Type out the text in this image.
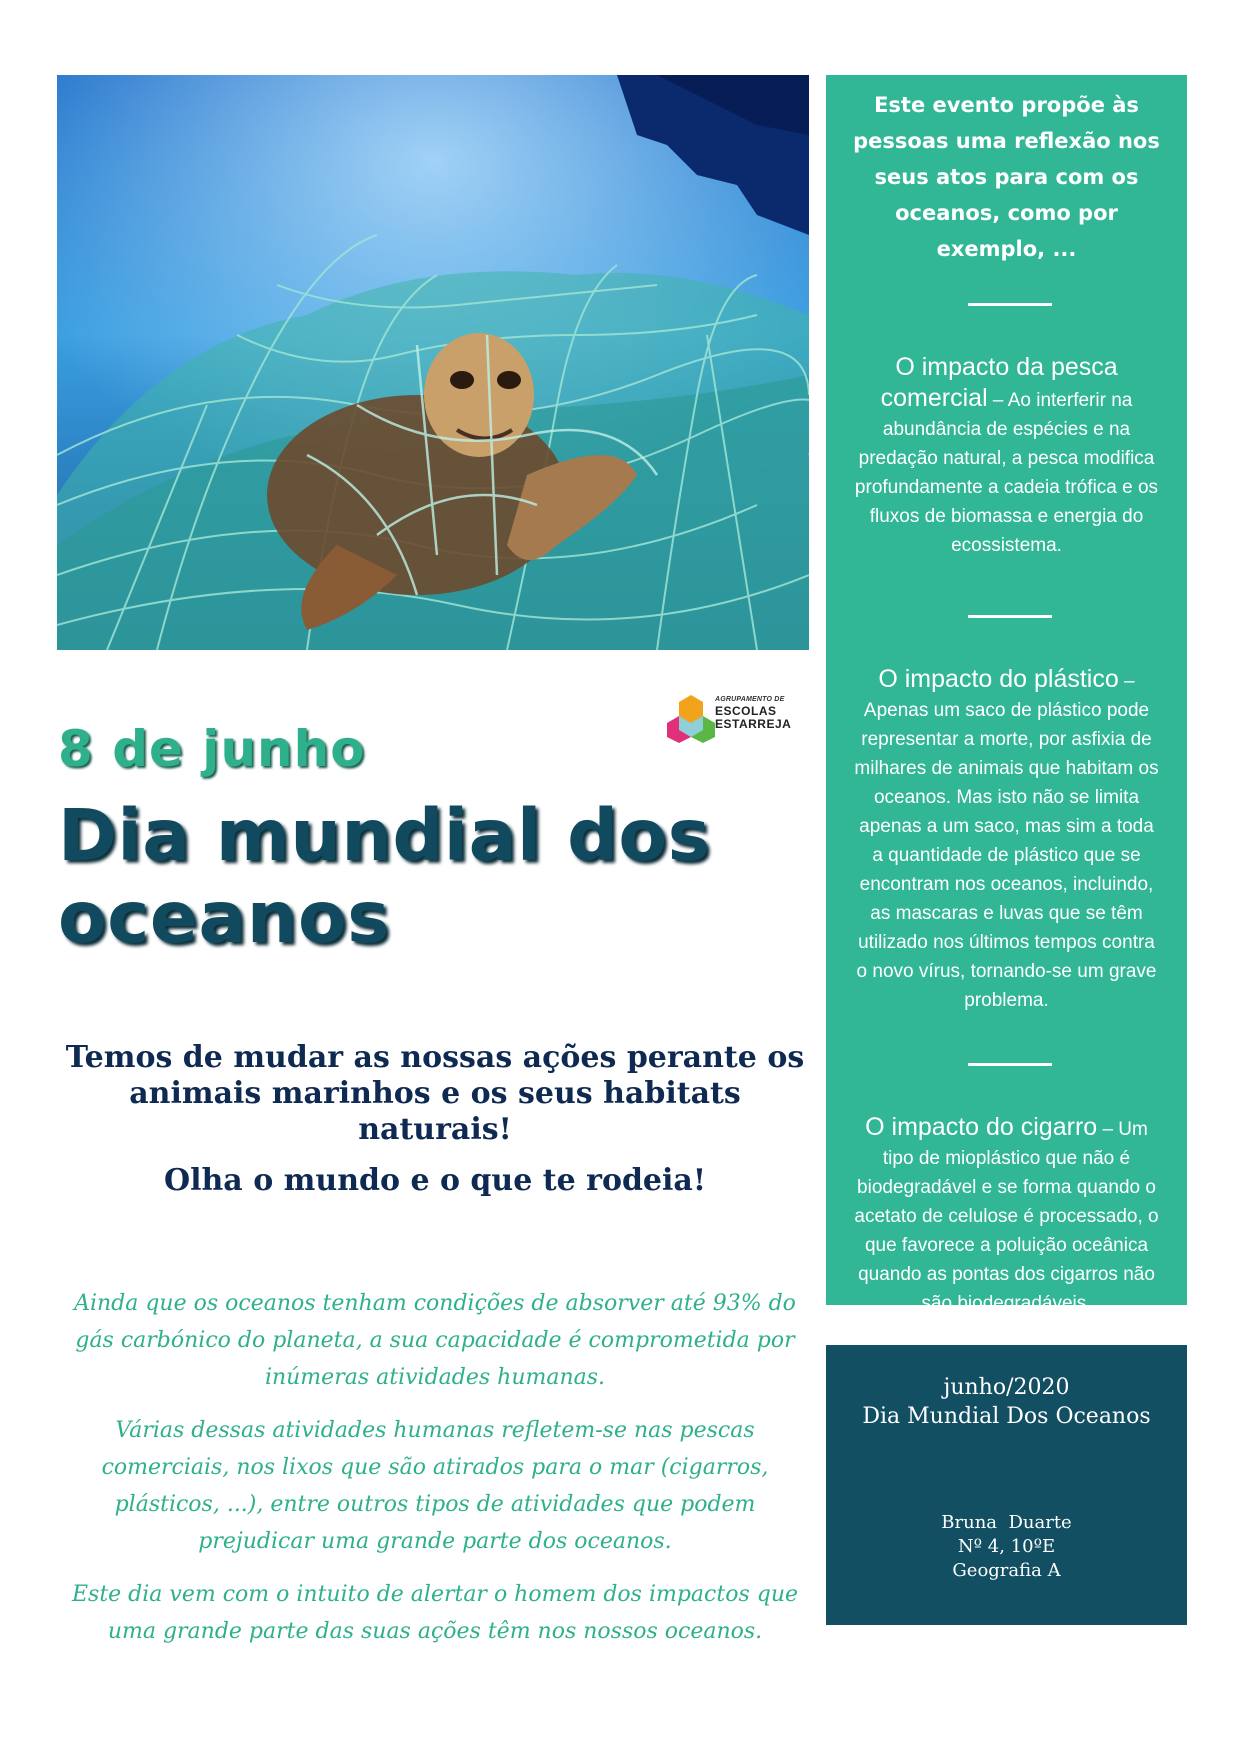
AGRUPAMENTO DE
ESCOLAS
ESTARREJA
8 de junho
Dia mundial dos
oceanos
Temos de mudar as nossas ações perante os animais marinhos e os seus habitats naturais!
Olha o mundo e o que te rodeia!

Ainda que os oceanos tenham condições de absorver até 93% do gás carbónico do planeta, a sua capacidade é comprometida por inúmeras atividades humanas.

Várias dessas atividades humanas refletem-se nas pescas comerciais, nos lixos que são atirados para o mar (cigarros, plásticos, ...), entre outros tipos de atividades que podem prejudicar uma grande parte dos oceanos.

Este dia vem com o intuito de alertar o homem dos impactos que uma grande parte das suas ações têm nos nossos oceanos.

Este evento propõe às pessoas uma reflexão nos seus atos para com os oceanos, como por exemplo, ...
O impacto da pesca comercial – Ao interferir na abundância de espécies e na predação natural, a pesca modifica profundamente a cadeia trófica e os fluxos de biomassa e energia do ecossistema.
O impacto do plástico – Apenas um saco de plástico pode representar a morte, por asfixia de milhares de animais que habitam os oceanos. Mas isto não se limita apenas a um saco, mas sim a toda a quantidade de plástico que se encontram nos oceanos, incluindo, as mascaras e luvas que se têm utilizado nos últimos tempos contra o novo vírus, tornando-se um grave problema.
O impacto do cigarro – Um tipo de mioplástico que não é biodegradável e se forma quando o acetato de celulose é processado, o que favorece a poluição oceânica quando as pontas dos cigarros não são biodegradáveis.
junho/2020
Dia Mundial Dos Oceanos
Bruna  Duarte
Nº 4, 10ºE
Geografia A
